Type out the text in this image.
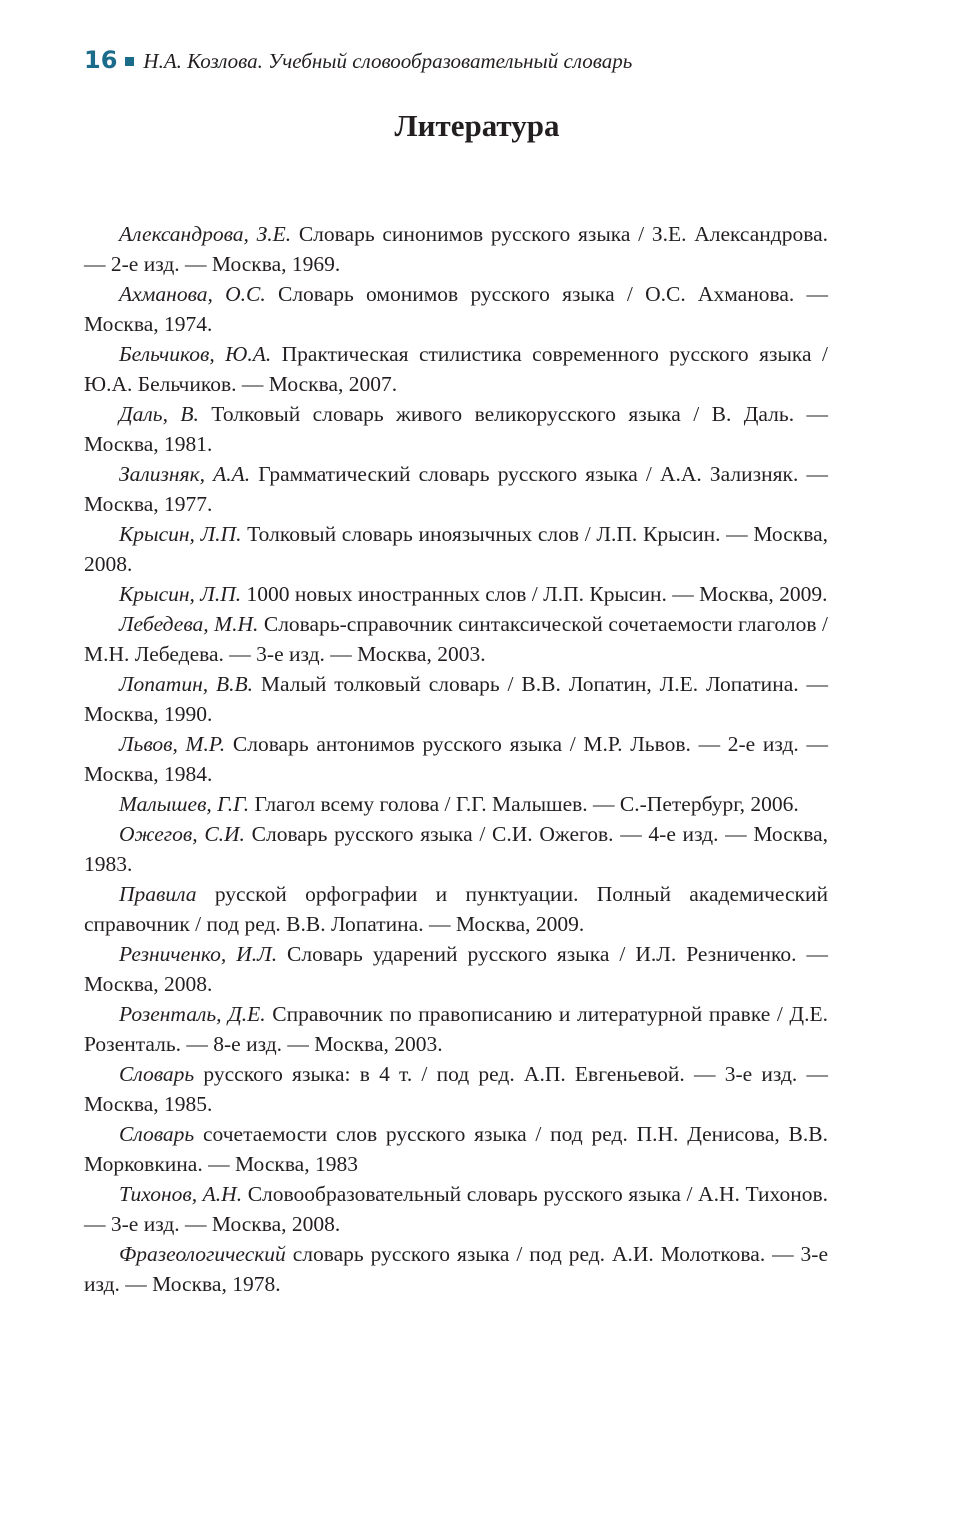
16 Н.А. Козлова. Учебный словообразовательный словарь
Литература

Александрова, З.Е. Словарь синонимов русского языка / З.Е. Александрова. — 2-е изд. — Москва, 1969.

Ахманова, О.С. Словарь омонимов русского языка / О.С. Ахманова. — Москва, 1974.

Бельчиков, Ю.А. Практическая стилистика современного русского языка / Ю.А. Бельчиков. — Москва, 2007.

Даль, В. Толковый словарь живого великорусского языка / В. Даль. — Москва, 1981.

Зализняк, А.А. Грамматический словарь русского языка / А.А. Зализняк. — Москва, 1977.

Крысин, Л.П. Толковый словарь иноязычных слов / Л.П. Крысин. — Москва, 2008.

Крысин, Л.П. 1000 новых иностранных слов / Л.П. Крысин. — Москва, 2009.

Лебедева, М.Н. Словарь-справочник синтаксической сочетаемости глаголов / М.Н. Лебедева. — 3-е изд. — Москва, 2003.

Лопатин, В.В. Малый толковый словарь / В.В. Лопатин, Л.Е. Лопатина. — Москва, 1990.

Львов, М.Р. Словарь антонимов русского языка / М.Р. Львов. — 2-е изд. — Москва, 1984.

Малышев, Г.Г. Глагол всему голова / Г.Г. Малышев. — С.-Петербург, 2006.

Ожегов, С.И. Словарь русского языка / С.И. Ожегов. — 4-е изд. — Москва, 1983.

Правила русской орфографии и пунктуации. Полный академический справочник / под ред. В.В. Лопатина. — Москва, 2009.

Резниченко, И.Л. Словарь ударений русского языка / И.Л. Резниченко. — Москва, 2008.

Розенталь, Д.Е. Справочник по правописанию и литературной правке / Д.Е. Розенталь. — 8-е изд. — Москва, 2003.

Словарь русского языка: в 4 т. / под ред. А.П. Евгеньевой. — 3-е изд. — Москва, 1985.

Словарь сочетаемости слов русского языка / под ред. П.Н. Денисова, В.В. Морковкина. — Москва, 1983

Тихонов, А.Н. Словообразовательный словарь русского языка / А.Н. Тихонов. — 3-е изд. — Москва, 2008.

Фразеологический словарь русского языка / под ред. А.И. Молоткова. — 3-е изд. — Москва, 1978.
